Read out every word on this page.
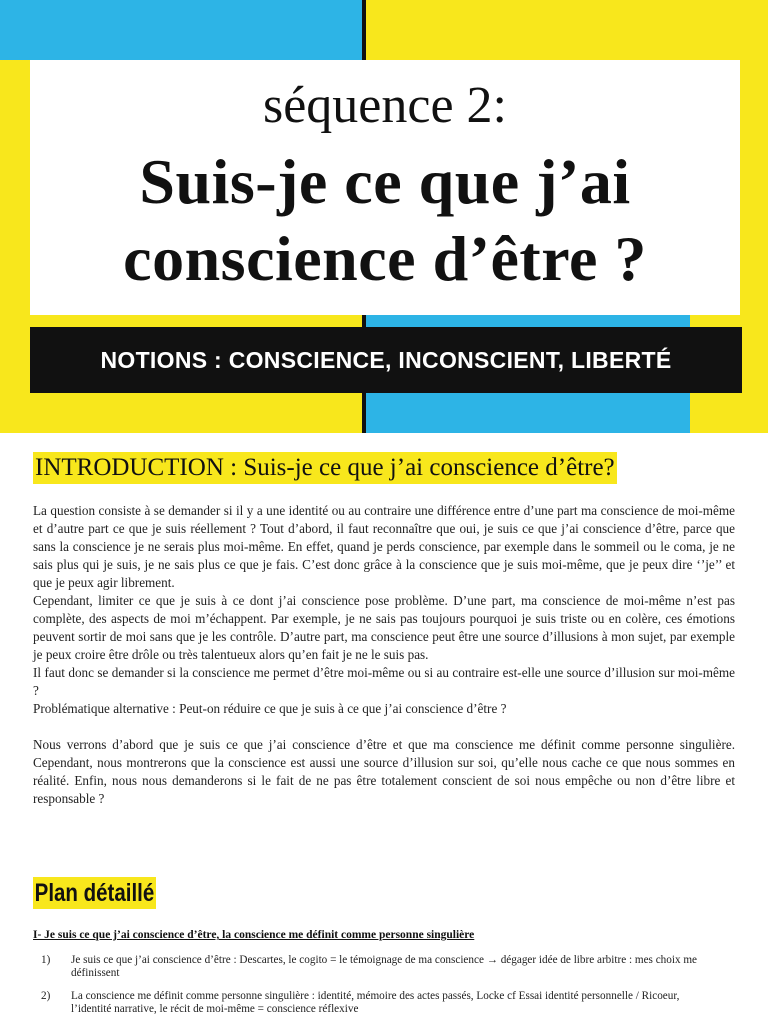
séquence 2:
Suis-je ce que j’ai
conscience d’être ?
NOTIONS : CONSCIENCE, INCONSCIENT, LIBERTÉ
INTRODUCTION : Suis-je ce que j’ai conscience d’être?

La question consiste à se demander si il y a une identité ou au contraire une différence entre d’une part ma conscience de moi-même et d’autre part ce que je suis réellement ? Tout d’abord, il faut reconnaître que oui, je suis ce que j’ai conscience d’être, parce que sans la conscience je ne serais plus moi-même. En effet, quand je perds conscience, par exemple dans le sommeil ou le coma, je ne sais plus qui je suis, je ne sais plus ce que je fais. C’est donc grâce à la conscience que je suis moi-même, que je peux dire ‘’je’’ et que je peux agir librement.

Cependant, limiter ce que je suis à ce dont j’ai conscience pose problème. D’une part, ma conscience de moi-même n’est pas complète, des aspects de moi m’échappent. Par exemple, je ne sais pas toujours pourquoi je suis triste ou en colère, ces émotions peuvent sortir de moi sans que je les contrôle. D’autre part, ma conscience peut être une source d’illusions à mon sujet, par exemple je peux croire être drôle ou très talentueux alors qu’en fait je ne le suis pas.

Il faut donc se demander si la conscience me permet d’être moi-même ou si au contraire est-elle une source d’illusion sur moi-même ?

Problématique alternative : Peut-on réduire ce que je suis à ce que j’ai conscience d’être ?

Nous verrons d’abord que je suis ce que j’ai conscience d’être et que ma conscience me définit comme personne singulière. Cependant, nous montrerons que la conscience est aussi une source d’illusion sur soi, qu’elle nous cache ce que nous sommes en réalité. Enfin, nous nous demanderons si le fait de ne pas être totalement conscient de soi nous empêche ou non d’être libre et responsable ?

Plan détaillé
I- Je suis ce que j’ai conscience d’être, la conscience me définit comme personne singulière
1)	Je suis ce que j’ai conscience d’être : Descartes, le cogito = le témoignage de ma conscience → dégager idée de libre arbitre : mes choix me définissent
2)	La conscience me définit comme personne singulière : identité, mémoire des actes passés, Locke cf Essai identité personnelle / Ricoeur, l’identité narrative, le récit de moi-même = conscience réflexive
